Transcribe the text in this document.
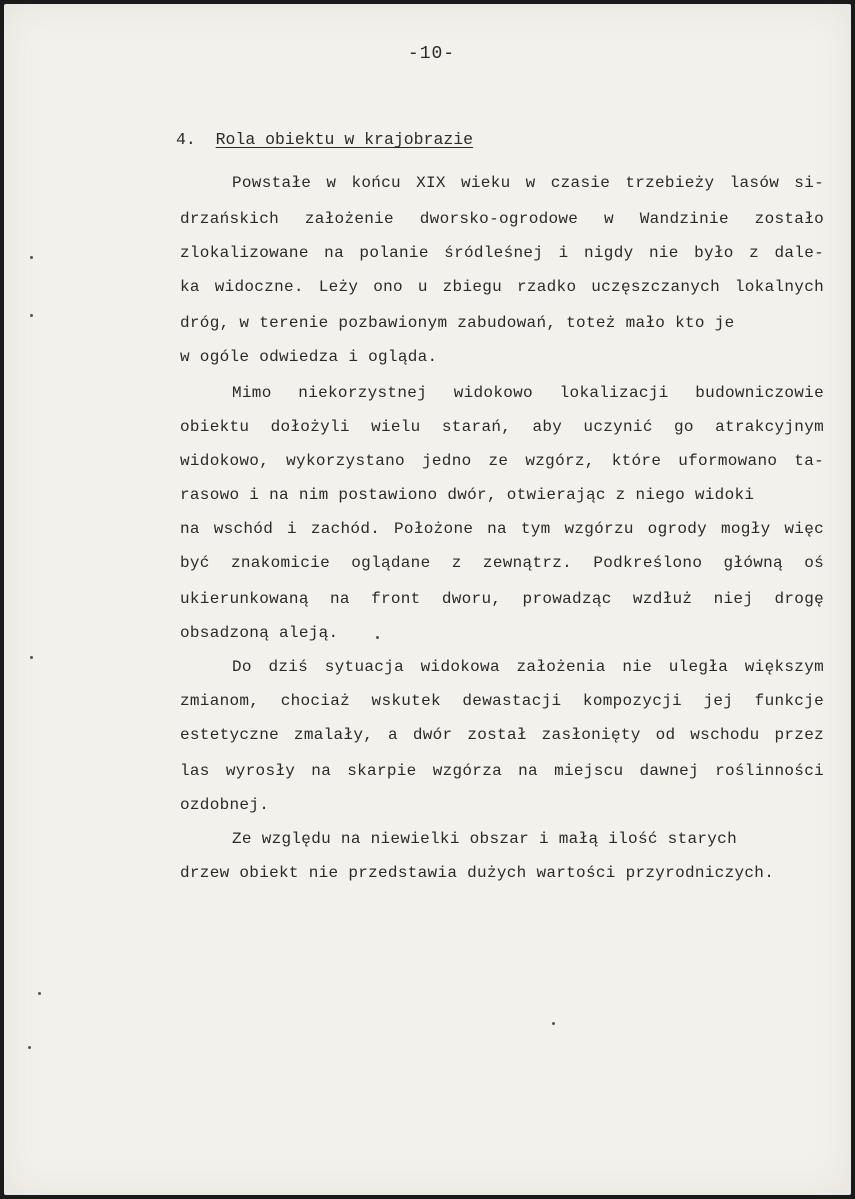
-10-
4. Rola obiektu w krajobrazie
Powstałe w końcu XIX wieku w czasie trzebieży lasów si-
drzańskich założenie dworsko-ogrodowe w Wandzinie zostało
zlokalizowane na polanie śródleśnej i nigdy nie było z dale-
ka widoczne. Leży ono u zbiegu rzadko uczęszczanych lokalnych
dróg, w terenie pozbawionym zabudowań, toteż mało kto je
w ogóle odwiedza i ogląda.
Mimo niekorzystnej widokowo lokalizacji budowniczowie
obiektu dołożyli wielu starań, aby uczynić go atrakcyjnym
widokowo, wykorzystano jedno ze wzgórz, które uformowano ta-
rasowo i na nim postawiono dwór, otwierając z niego widoki
na wschód i zachód. Położone na tym wzgórzu ogrody mogły więc
być znakomicie oglądane z zewnątrz. Podkreślono główną oś
ukierunkowaną na front dworu, prowadząc wzdłuż niej drogę
obsadzoną aleją.
Do dziś sytuacja widokowa założenia nie uległa większym
zmianom, chociaż wskutek dewastacji kompozycji jej funkcje
estetyczne zmalały, a dwór został zasłonięty od wschodu przez
las wyrosły na skarpie wzgórza na miejscu dawnej roślinności
ozdobnej.
Ze względu na niewielki obszar i małą ilość starych
drzew obiekt nie przedstawia dużych wartości przyrodniczych.
